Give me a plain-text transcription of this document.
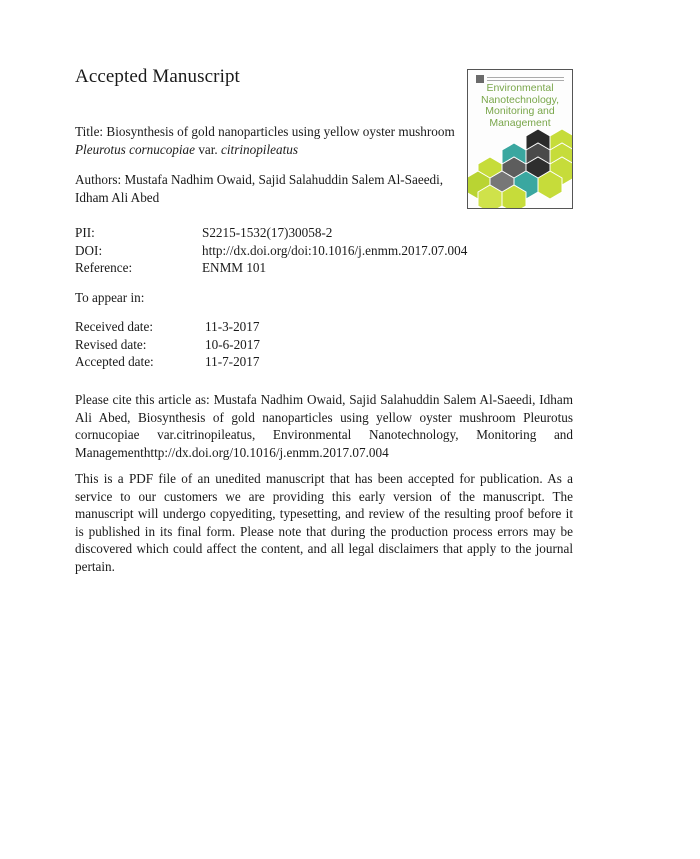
Accepted Manuscript
Environmental Nanotechnology, Monitoring and Management
Title: Biosynthesis of gold nanoparticles using yellow oyster mushroom Pleurotus cornucopiae var. citrinopileatus
Authors: Mustafa Nadhim Owaid, Sajid Salahuddin Salem Al-Saeedi, Idham Ali Abed
PII:	S2215-1532(17)30058-2
DOI:	http://dx.doi.org/doi:10.1016/j.enmm.2017.07.004
Reference:	ENMM 101
To appear in:
Received date:	11-3-2017
Revised date:	10-6-2017
Accepted date:	11-7-2017
Please cite this article as: Mustafa Nadhim Owaid, Sajid Salahuddin Salem Al-Saeedi, Idham Ali Abed, Biosynthesis of gold nanoparticles using yellow oyster mushroom Pleurotus cornucopiae var.citrinopileatus, Environmental Nanotechnology, Monitoring and Managementhttp://dx.doi.org/10.1016/j.enmm.2017.07.004
This is a PDF file of an unedited manuscript that has been accepted for publication. As a service to our customers we are providing this early version of the manuscript. The manuscript will undergo copyediting, typesetting, and review of the resulting proof before it is published in its final form. Please note that during the production process errors may be discovered which could affect the content, and all legal disclaimers that apply to the journal pertain.
